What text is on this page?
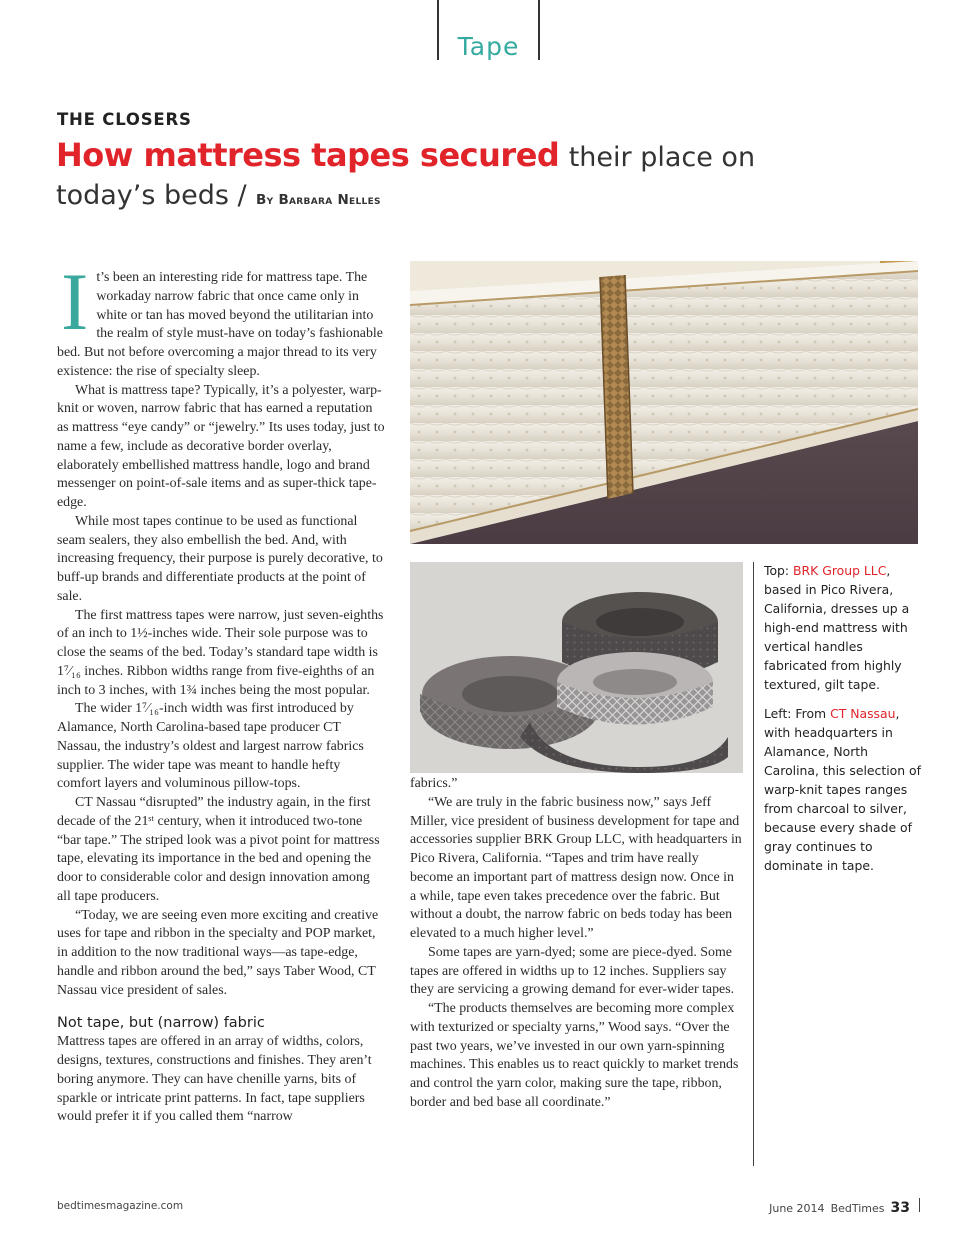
Tape
THE CLOSERS
How mattress tapes secured their place on today’s beds / By Barbara Nelles

It’s been an interesting ride for mattress tape. The workaday narrow fabric that once came only in white or tan has moved beyond the utilitarian into the realm of style must-have on today’s fashionable bed. But not before overcoming a major thread to its very existence: the rise of specialty sleep.

What is mattress tape? Typically, it’s a polyester, warp-knit or woven, narrow fabric that has earned a reputation as mattress “eye candy” or “jewelry.” Its uses today, just to name a few, include as decorative border overlay, elaborately embellished mattress handle, logo and brand messenger on point-of-sale items and as super-thick tape-edge.

While most tapes continue to be used as functional seam sealers, they also embellish the bed. And, with increasing frequency, their purpose is purely decorative, to buff-up brands and differentiate products at the point of sale.

The first mattress tapes were narrow, just seven-eighths of an inch to 1½-inches wide. Their sole purpose was to close the seams of the bed. Today’s standard tape width is 1⁷⁄₁₆ inches. Ribbon widths range from five-eighths of an inch to 3 inches, with 1¾ inches being the most popular.

The wider 1⁷⁄₁₆-inch width was first introduced by Alamance, North Carolina-based tape producer CT Nassau, the industry’s oldest and largest narrow fabrics supplier. The wider tape was meant to handle hefty comfort layers and voluminous pillow-tops.

CT Nassau “disrupted” the industry again, in the first decade of the 21ˢᵗ century, when it introduced two-tone “bar tape.” The striped look was a pivot point for mattress tape, elevating its importance in the bed and opening the door to considerable color and design innovation among all tape producers.

“Today, we are seeing even more exciting and creative uses for tape and ribbon in the specialty and POP market, in addition to the now traditional ways—as tape-edge, handle and ribbon around the bed,” says Taber Wood, CT Nassau vice president of sales.

Not tape, but (narrow) fabric

Mattress tapes are offered in an array of widths, colors, designs, textures, constructions and finishes. They aren’t boring anymore. They can have chenille yarns, bits of sparkle or intricate print patterns. In fact, tape suppliers would prefer it if you called them “narrow

fabrics.”

“We are truly in the fabric business now,” says Jeff Miller, vice president of business development for tape and accessories supplier BRK Group LLC, with headquarters in Pico Rivera, California. “Tapes and trim have really become an important part of mattress design now. Once in a while, tape even takes precedence over the fabric. But without a doubt, the narrow fabric on beds today has been elevated to a much higher level.”

Some tapes are yarn-dyed; some are piece-dyed. Some tapes are offered in widths up to 12 inches. Suppliers say they are servicing a growing demand for ever-wider tapes.

“The products themselves are becoming more complex with texturized or specialty yarns,” Wood says. “Over the past two years, we’ve invested in our own yarn-spinning machines. This enables us to react quickly to market trends and control the yarn color, making sure the tape, ribbon, border and bed base all coordinate.”

Top: BRK Group LLC, based in Pico Rivera, California, dresses up a high-end mattress with vertical handles fabricated from highly textured, gilt tape.
Left: From CT Nassau, with headquarters in Alamance, North Carolina, this selection of warp-knit tapes ranges from charcoal to silver, because every shade of gray continues to dominate in tape.
bedtimesmagazine.com	June 2014 BedTimes 33
